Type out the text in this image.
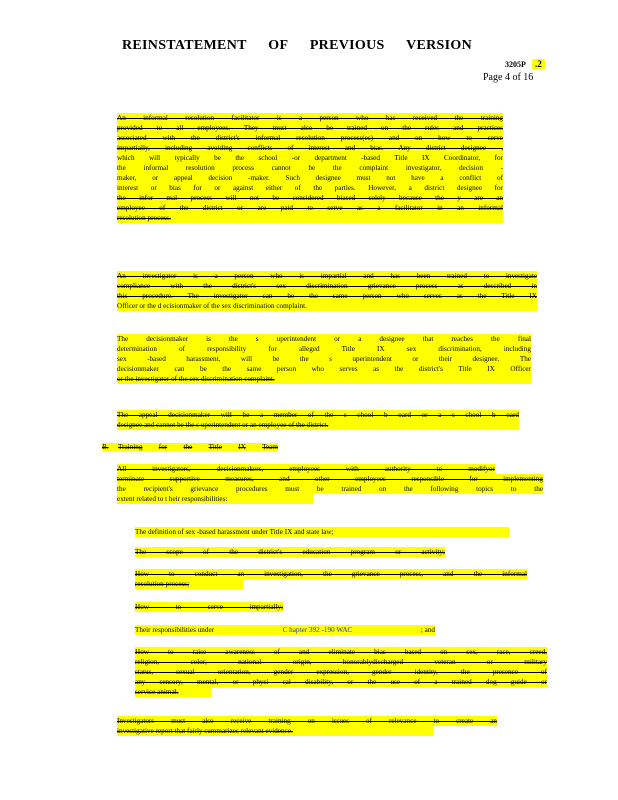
REINSTATEMENT OF PREVIOUS VERSION
3205P	.2
Page 4 of 16
An informal resolution facilitator is a person who has received the training
provided to all employees. They must also be trained on the rules and practices
associated with the district's informal resolution process(es) and on how to serve
impartially, including avoiding conflicts of interest and bias. Any district designee ,
which will typically be the school -or department -based Title IX Coordinator, for
the informal resolution process cannot be the complaint investigator, decision -
maker, or appeal decision -maker. Such designee must not have a conflict of
interest or bias for or against either of the parties. However, a district designee for
the infor mal process will not be considered biased solely because the y are an
employee of the district or are paid to serve as a facilitator in an informal
resolution process.
An investigator is a person who is impartial and has been trained to investigate
compliance with the district's sex discrimination grievance process as described in
this procedure. The investigator can be the same person who serves as the Title IX
Officer or the d ecisionmaker of the sex discrimination complaint.
The decisionmaker is the s uperintendent or a designee that reaches the final
determination of responsibility for alleged Title IX sex discrimination, including
sex -based harassment, will be the s uperintendent or their designee. The
decisionmaker can be the same person who serves as the district's Title IX Officer
or the investigator of the sex discrimination complaint.
The appeal decisionmaker will be a member of the s chool b oard or a s chool b oard
designee and cannot be the s uperintendent or an employee of the district.
B.	Training for the Title IX Team
All investigators, decisionmakers, employees with authority to modifyor
terminate supportive measures, and other employees responsible for implementing
the recipient's grievance procedures must be trained on the following topics to the
extent related to t heir responsibilities:
The definition of sex -based harassment under Title IX and state law;
The scope of the district's education program or activity;
How to conduct an investigation, the grievance process, and the informal
resolution process;
How to serve impartially;
Their responsibilities under	C hapter 392 -190 WAC	; and
How to raise awareness of and eliminate bias based on sex, race, creed,
religion, color, national origin, honorablydischarged veteran or military
status, sexual orientation, gender expression, gender identity, the presence of
any sensory, mental, or physi cal disability, or the use of a trained dog guide or
service animal.
Investigators must also receive training on issues of relevance to create an
investigative report that fairly summarizes relevant evidence.
